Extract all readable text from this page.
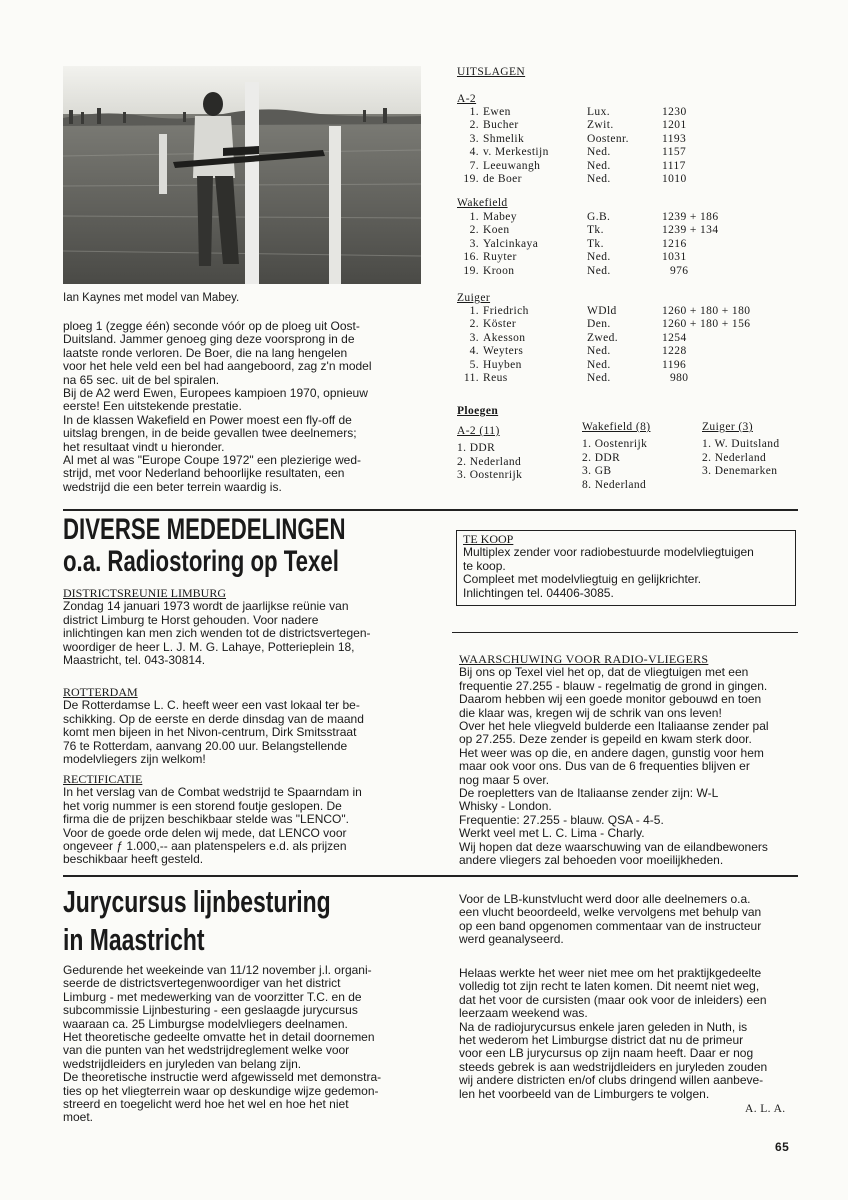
Ian Kaynes met model van Mabey.
ploeg 1 (zegge één) seconde vóór op de ploeg uit Oost-
Duitsland. Jammer genoeg ging deze voorsprong in de
laatste ronde verloren. De Boer, die na lang hengelen
voor het hele veld een bel had aangeboord, zag z'n model
na 65 sec. uit de bel spiralen.
Bij de A2 werd Ewen, Europees kampioen 1970, opnieuw
eerste! Een uitstekende prestatie.
In de klassen Wakefield en Power moest een fly-off de
uitslag brengen, in de beide gevallen twee deelnemers;
het resultaat vindt u hieronder.
Al met al was "Europe Coupe 1972" een plezierige wed-
strijd, met voor Nederland behoorlijke resultaten, een
wedstrijd die een beter terrein waardig is.
UITSLAGEN
A-2
1.	Ewen	Lux.	1230
2.	Bucher	Zwit.	1201
3.	Shmelik	Oostenr.	1193
4.	v. Merkestijn	Ned.	1157
7.	Leeuwangh	Ned.	1117
19.	de Boer	Ned.	1010
Wakefield
1.	Mabey	G.B.	1239 + 186
2.	Koen	Tk.	1239 + 134
3.	Yalcinkaya	Tk.	1216
16.	Ruyter	Ned.	1031
19.	Kroon	Ned.	976
Zuiger
1.	Friedrich	WDld	1260 + 180 + 180
2.	Köster	Den.	1260 + 180 + 156
3.	Akesson	Zwed.	1254
4.	Weyters	Ned.	1228
5.	Huyben	Ned.	1196
11.	Reus	Ned.	980
Ploegen
A-2 (11)
1. DDR
2. Nederland
3. Oostenrijk
Wakefield (8)
1. Oostenrijk
2. DDR
3. GB
8. Nederland
Zuiger (3)
1. W. Duitsland
2. Nederland
3. Denemarken
DIVERSE MEDEDELINGEN
o.a. Radiostoring op Texel
DISTRICTSREUNIE LIMBURG
Zondag 14 januari 1973 wordt de jaarlijkse reünie van
district Limburg te Horst gehouden. Voor nadere
inlichtingen kan men zich wenden tot de districtsvertegen-
woordiger de heer L. J. M. G. Lahaye, Potterieplein 18,
Maastricht, tel. 043-30814.
ROTTERDAM
De Rotterdamse L. C. heeft weer een vast lokaal ter be-
schikking. Op de eerste en derde dinsdag van de maand
komt men bijeen in het Nivon-centrum, Dirk Smitsstraat
76 te Rotterdam, aanvang 20.00 uur. Belangstellende
modelvliegers zijn welkom!
RECTIFICATIE
In het verslag van de Combat wedstrijd te Spaarndam in
het vorig nummer is een storend foutje geslopen. De
firma die de prijzen beschikbaar stelde was "LENCO".
Voor de goede orde delen wij mede, dat LENCO voor
ongeveer ƒ 1.000,-- aan platenspelers e.d. als prijzen
beschikbaar heeft gesteld.
TE KOOP
Multiplex zender voor radiobestuurde modelvliegtuigen
te koop.
Compleet met modelvliegtuig en gelijkrichter.
Inlichtingen tel. 04406-3085.
WAARSCHUWING VOOR RADIO-VLIEGERS
Bij ons op Texel viel het op, dat de vliegtuigen met een
frequentie 27.255 - blauw - regelmatig de grond in gingen.
Daarom hebben wij een goede monitor gebouwd en toen
die klaar was, kregen wij de schrik van ons leven!
Over het hele vliegveld bulderde een Italiaanse zender pal
op 27.255. Deze zender is gepeild en kwam sterk door.
Het weer was op die, en andere dagen, gunstig voor hem
maar ook voor ons. Dus van de 6 frequenties blijven er
nog maar 5 over.
De roepletters van de Italiaanse zender zijn: W-L
Whisky - London.
Frequentie: 27.255 - blauw. QSA - 4-5.
Werkt veel met L. C. Lima - Charly.
Wij hopen dat deze waarschuwing van de eilandbewoners
andere vliegers zal behoeden voor moeilijkheden.
Jurycursus lijnbesturing
in Maastricht
Gedurende het weekeinde van 11/12 november j.l. organi-
seerde de districtsvertegenwoordiger van het district
Limburg - met medewerking van de voorzitter T.C. en de
subcommissie Lijnbesturing - een geslaagde jurycursus
waaraan ca. 25 Limburgse modelvliegers deelnamen.
Het theoretische gedeelte omvatte het in detail doornemen
van die punten van het wedstrijdreglement welke voor
wedstrijdleiders en juryleden van belang zijn.
De theoretische instructie werd afgewisseld met demonstra-
ties op het vliegterrein waar op deskundige wijze gedemon-
streerd en toegelicht werd hoe het wel en hoe het niet
moet.
Voor de LB-kunstvlucht werd door alle deelnemers o.a.
een vlucht beoordeeld, welke vervolgens met behulp van
op een band opgenomen commentaar van de instructeur
werd geanalyseerd.
Helaas werkte het weer niet mee om het praktijkgedeelte
volledig tot zijn recht te laten komen. Dit neemt niet weg,
dat het voor de cursisten (maar ook voor de inleiders) een
leerzaam weekend was.
Na de radiojurycursus enkele jaren geleden in Nuth, is
het wederom het Limburgse district dat nu de primeur
voor een LB jurycursus op zijn naam heeft. Daar er nog
steeds gebrek is aan wedstrijdleiders en juryleden zouden
wij andere districten en/of clubs dringend willen aanbeve-
len het voorbeeld van de Limburgers te volgen.
A. L. A.
65
